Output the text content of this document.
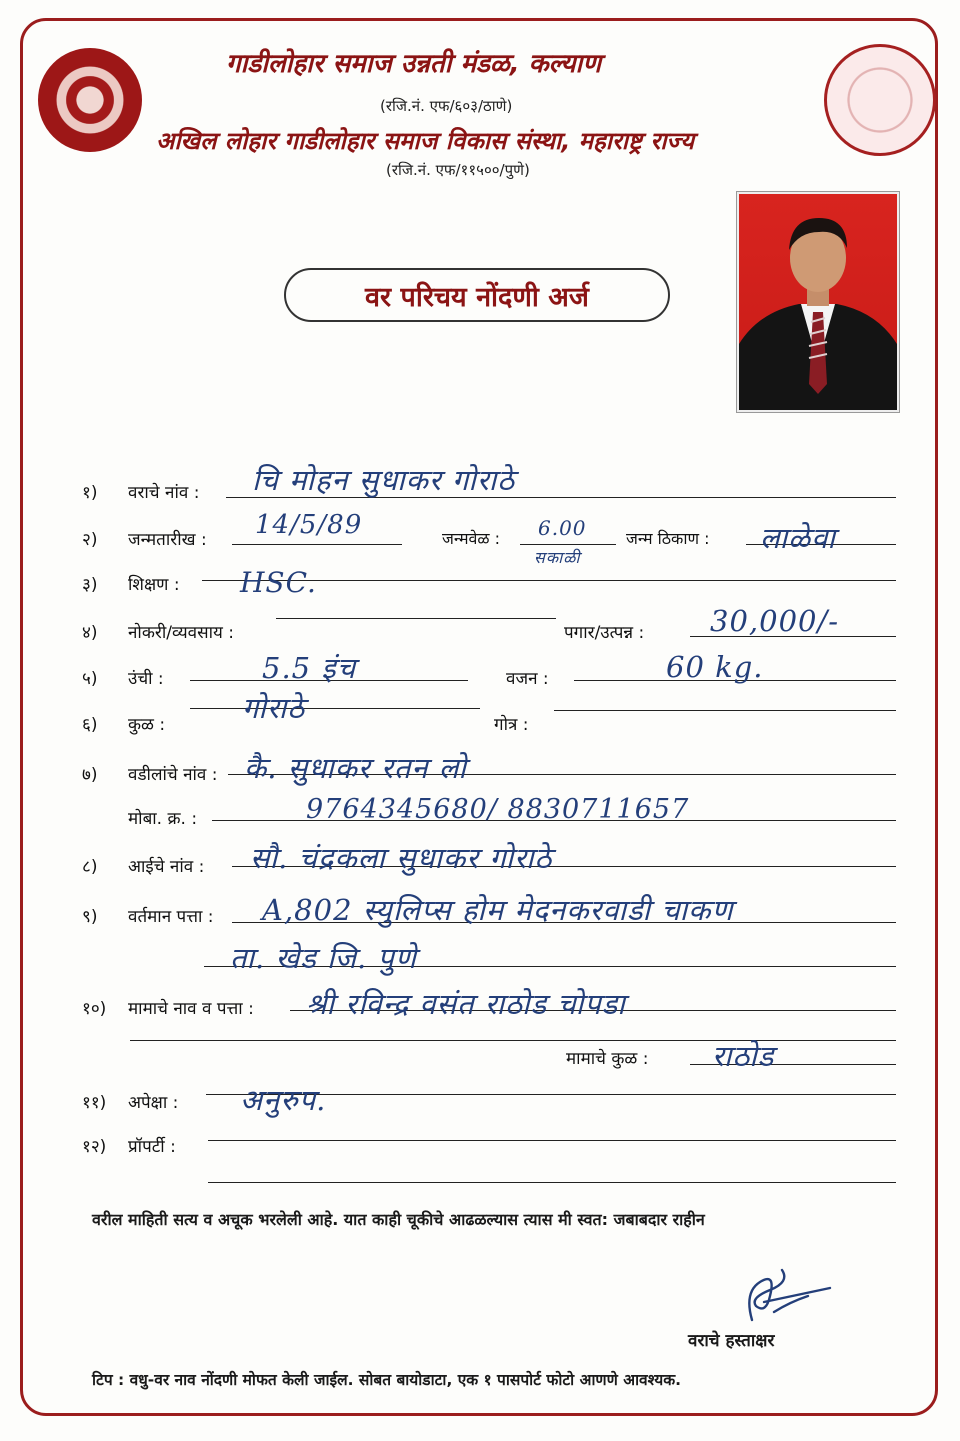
गाडीलोहार समाज उन्नती मंडळ, कल्याण
(रजि.नं. एफ/६०३/ठाणे)
अखिल लोहार गाडीलोहार समाज विकास संस्था, महाराष्ट्र राज्य
(रजि.नं. एफ/११५००/पुणे)
वर परिचय नोंदणी अर्ज
१) वराचे नांव : चि मोहन सुधाकर गोराठे
२) जन्मतारीख : 14/5/89	जन्मवेळ : 6.00
सकाळी
जन्म ठिकाण : लाळेवा
३) शिक्षण : HSC.
४) नोकरी/व्यवसाय :	पगार/उत्पन्न : 30,000/-
५) उंची :	5.5 इंच	वजन :	60 kg.
६) कुळ :	गोराठे	गोत्र :
७) वडीलांचे नांव : कै. सुधाकर रतन लो
मोबा. क्र. :	9764345680/ 8830711657
८) आईचे नांव : सौ. चंद्रकला सुधाकर गोराठे
९) वर्तमान पत्ता : A,802 स्युलिप्स होम मेदनकरवाडी चाकण
ता. खेड जि. पुणे
१०) मामाचे नाव व पत्ता : श्री रविन्द्र वसंत राठोड चोपडा
मामाचे कुळ : राठोड
११) अपेक्षा : अनुरुप.
१२) प्रॉपर्टी :
वरील माहिती सत्य व अचूक भरलेली आहे. यात काही चूकीचे आढळल्यास त्यास मी स्वत: जबाबदार राहीन
वराचे हस्ताक्षर
टिप : वधु-वर नाव नोंदणी मोफत केली जाईल. सोबत बायोडाटा, एक १ पासपोर्ट फोटो आणणे आवश्यक.
